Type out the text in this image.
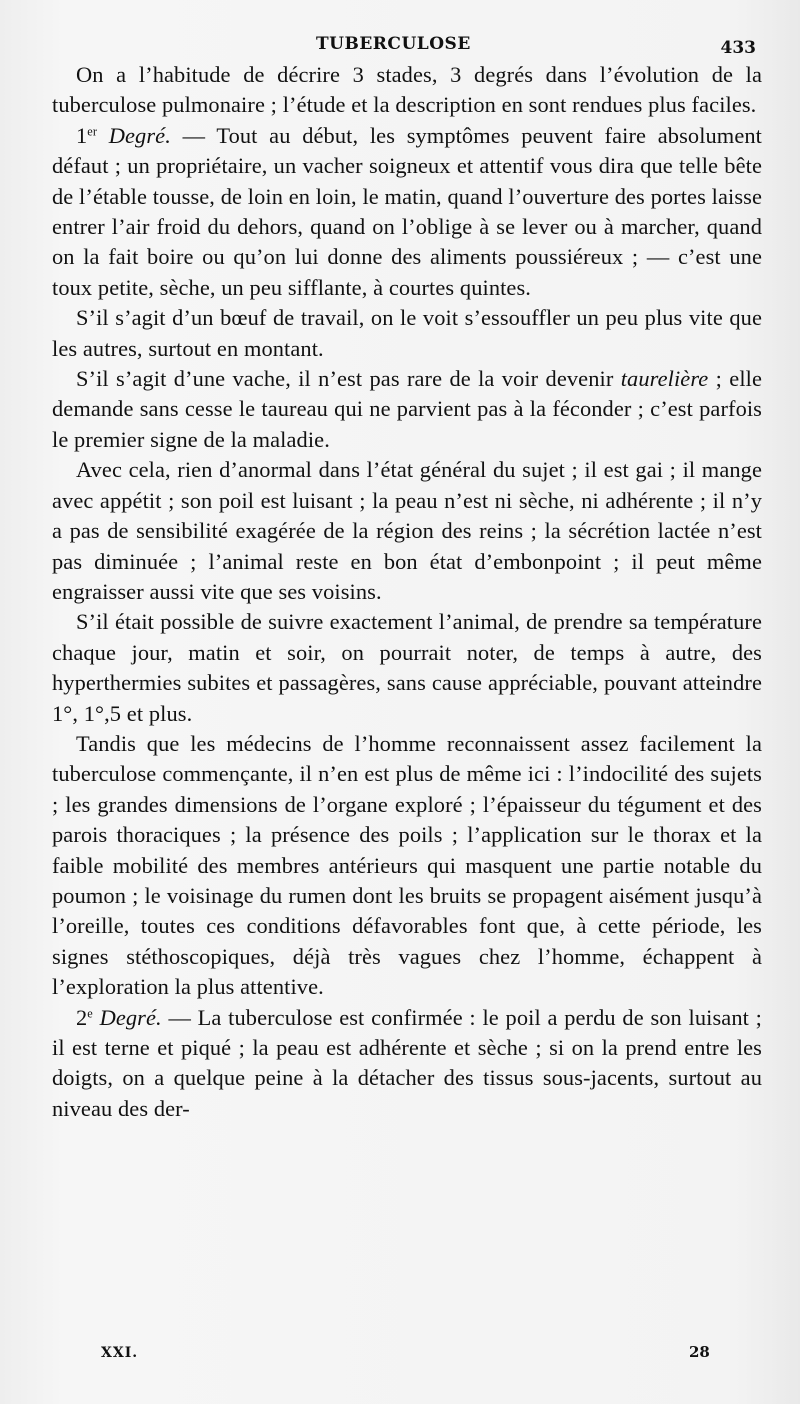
TUBERCULOSE	433

On a l’habitude de décrire 3 stades, 3 degrés dans l’évolution de la tuberculose pulmonaire ; l’étude et la description en sont rendues plus faciles.

1er Degré. — Tout au début, les symptômes peuvent faire absolument défaut ; un propriétaire, un vacher soigneux et attentif vous dira que telle bête de l’étable tousse, de loin en loin, le matin, quand l’ouverture des portes laisse entrer l’air froid du dehors, quand on l’oblige à se lever ou à marcher, quand on la fait boire ou qu’on lui donne des aliments poussiéreux ; — c’est une toux petite, sèche, un peu sifflante, à courtes quintes.

S’il s’agit d’un bœuf de travail, on le voit s’essouffler un peu plus vite que les autres, surtout en montant.

S’il s’agit d’une vache, il n’est pas rare de la voir devenir taurelière ; elle demande sans cesse le taureau qui ne parvient pas à la féconder ; c’est parfois le premier signe de la maladie.

Avec cela, rien d’anormal dans l’état général du sujet ; il est gai ; il mange avec appétit ; son poil est luisant ; la peau n’est ni sèche, ni adhérente ; il n’y a pas de sensibilité exagérée de la région des reins ; la sécrétion lactée n’est pas diminuée ; l’animal reste en bon état d’embonpoint ; il peut même engraisser aussi vite que ses voisins.

S’il était possible de suivre exactement l’animal, de prendre sa température chaque jour, matin et soir, on pourrait noter, de temps à autre, des hyperthermies subites et passagères, sans cause appréciable, pouvant atteindre 1°, 1°,5 et plus.

Tandis que les médecins de l’homme reconnaissent assez facilement la tuberculose commençante, il n’en est plus de même ici : l’indocilité des sujets ; les grandes dimensions de l’organe exploré ; l’épaisseur du tégument et des parois thoraciques ; la présence des poils ; l’application sur le thorax et la faible mobilité des membres antérieurs qui masquent une partie notable du poumon ; le voisinage du rumen dont les bruits se propagent aisément jusqu’à l’oreille, toutes ces conditions défavorables font que, à cette période, les signes stéthoscopiques, déjà très vagues chez l’homme, échappent à l’exploration la plus attentive.

2e Degré. — La tuberculose est confirmée : le poil a perdu de son luisant ; il est terne et piqué ; la peau est adhérente et sèche ; si on la prend entre les doigts, on a quelque peine à la détacher des tissus sous-jacents, surtout au niveau des der-

XXI.	28
